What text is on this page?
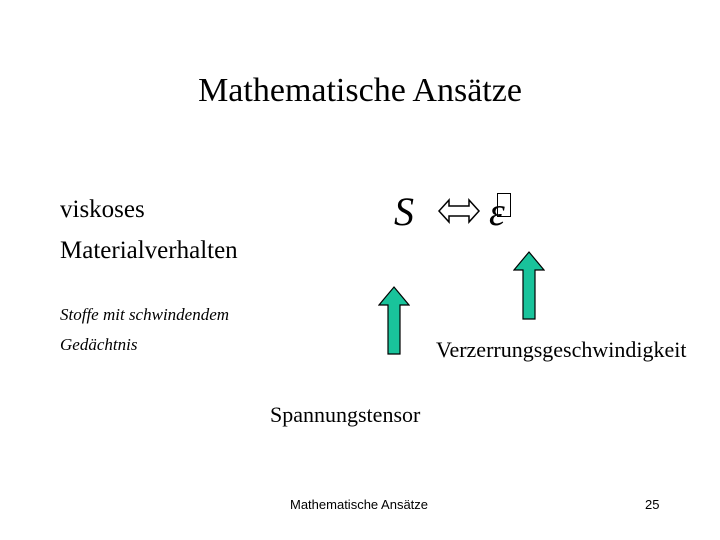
Mathematische Ansätze
viskoses
Materialverhalten
Stoffe mit schwindendem
Gedächtnis
S ε
Verzerrungsgeschwindigkeit
Spannungstensor
Mathematische Ansätze	25
